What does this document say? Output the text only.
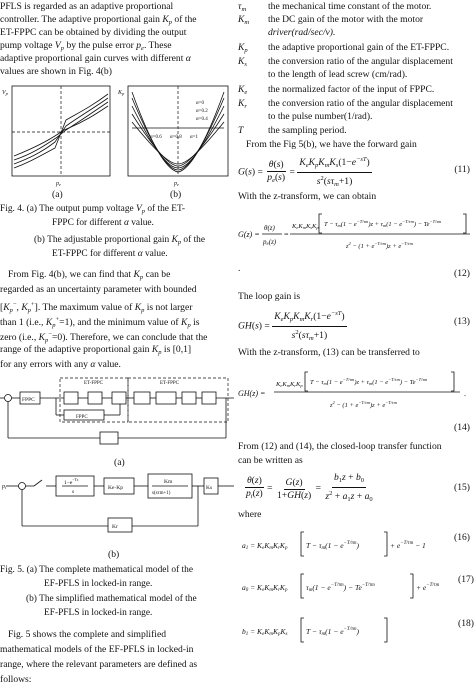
PFLS is regarded as an adaptive proportional
controller. The adaptive proportional gain $K_p$ of the
ET-FPPC can be obtained by dividing the output
pump voltage $V_p$ by the pulse error $p_e$. These
adaptive proportional gain curves with different α
values are shown in Fig. 4(b)
Vp
pe
Kp
pe
α=0
α=0.2
α=0.4
α=0.6 α=0.8 α=1
(a)	(b)
Fig. 4. (a) The output pump voltage $V_p$ of the ET-
FPPC for different α value.
(b) The adjustable proportional gain $K_p$ of the
ET-FPPC for different α value.
From Fig. 4(b), we can find that $K_p$ can be
regarded as an uncertainty parameter with bounded
[$K_p^-$, $K_p^+$]. The maximum value of $K_p$ is not larger
than 1 (i.e., $K_p^+=1$), and the minimum value of $K_p$ is
zero (i.e., $K_p^-=0$). Therefore, we can conclude that the
range of the adaptive proportional gain $K_p$ is [0,1]
for any errors with any α value.
ET-FPPC	ET-FPPC
FPPC
FPPC
(a)
pi
$1-e^{-Ts}$
s
Ke·Kp
Km
s(sτm+1)
Ks
Kr
(b)
Fig. 5. (a) The complete mathematical model of the
EF-PFLS in locked-in range.
(b) The simplified mathematical model of the
EF-PFLS in locked-in range.
Fig. 5 shows the complete and simplified
mathematical models of the EF-PFLS in locked-in
range, where the relevant parameters are defined as
follows:
$\tau_m$ the mechanical time constant of the motor.
$K_m$ the DC gain of the motor with the motor
driver(rad/sec/v).
$K_p$ the adaptive proportional gain of the ET-FPPC.
$K_s$ the conversion ratio of the angular displacement
to the length of lead screw (cm/rad).
$K_e$ the normalized factor of the input of FPPC.
$K_r$ the conversion ratio of the angular displacement
to the pulse number(1/rad).
T	the sampling period.
From the Fig 5(b), we have the forward gain
$G(s) = \frac{\theta(s)}{p_e(s)} = \frac{K_eK_pK_mK_s(1-e^{-sT})}{s^2(s\tau_m+1)}$	(11)
With the z-transform, we can obtain
G(z) =
θ(z)
pe(z)
=
KeKmKsKp $T - \tau m(1 - e^{-T/\tau m})z + \tau m(1 - e^{-T/\tau m}) - Te^{-T/\tau m}$
$z^2 - (1 + e^{-T/\tau m})z + e^{-T/\tau m}$
.	(12)
The loop gain is
$GH(s) = \frac{K_eK_pK_mK_r(1-e^{-sT})}{s^2(s\tau_m+1)}$	(13)
With the z-transform, (13) can be transferred to
GH(z) =
KeKmKrKp $T - \tau m(1 - e^{-T/\tau m})z + \tau m(1 - e^{-T/\tau m}) - Te^{-T/\tau m}$
$z^2 - (1 + e^{-T/\tau m})z + e^{-T/\tau m}$
.
(14)
From (12) and (14), the closed-loop transfer function
can be written as
$\frac{\theta(z)}{p_i(z)} = \frac{G(z)}{1+GH(z)} = \frac{b_1z + b_0}{z^2 + a_1z + a_0}$	(15)
where
a1 = KeKmKrKp $T - \tau m(1 - e^{-T/\tau m})$	+ $e^{-T/\tau m} - 1$
(16)
a0 = KeKmKrKp $\tau m(1 - e^{-T/\tau m}) - Te^{-T/\tau m}$	+ $e^{-T/\tau m}$
(17)
b1 = KeKmKpKs $T - \tau m(1 - e^{-T/\tau m})$
(18)
